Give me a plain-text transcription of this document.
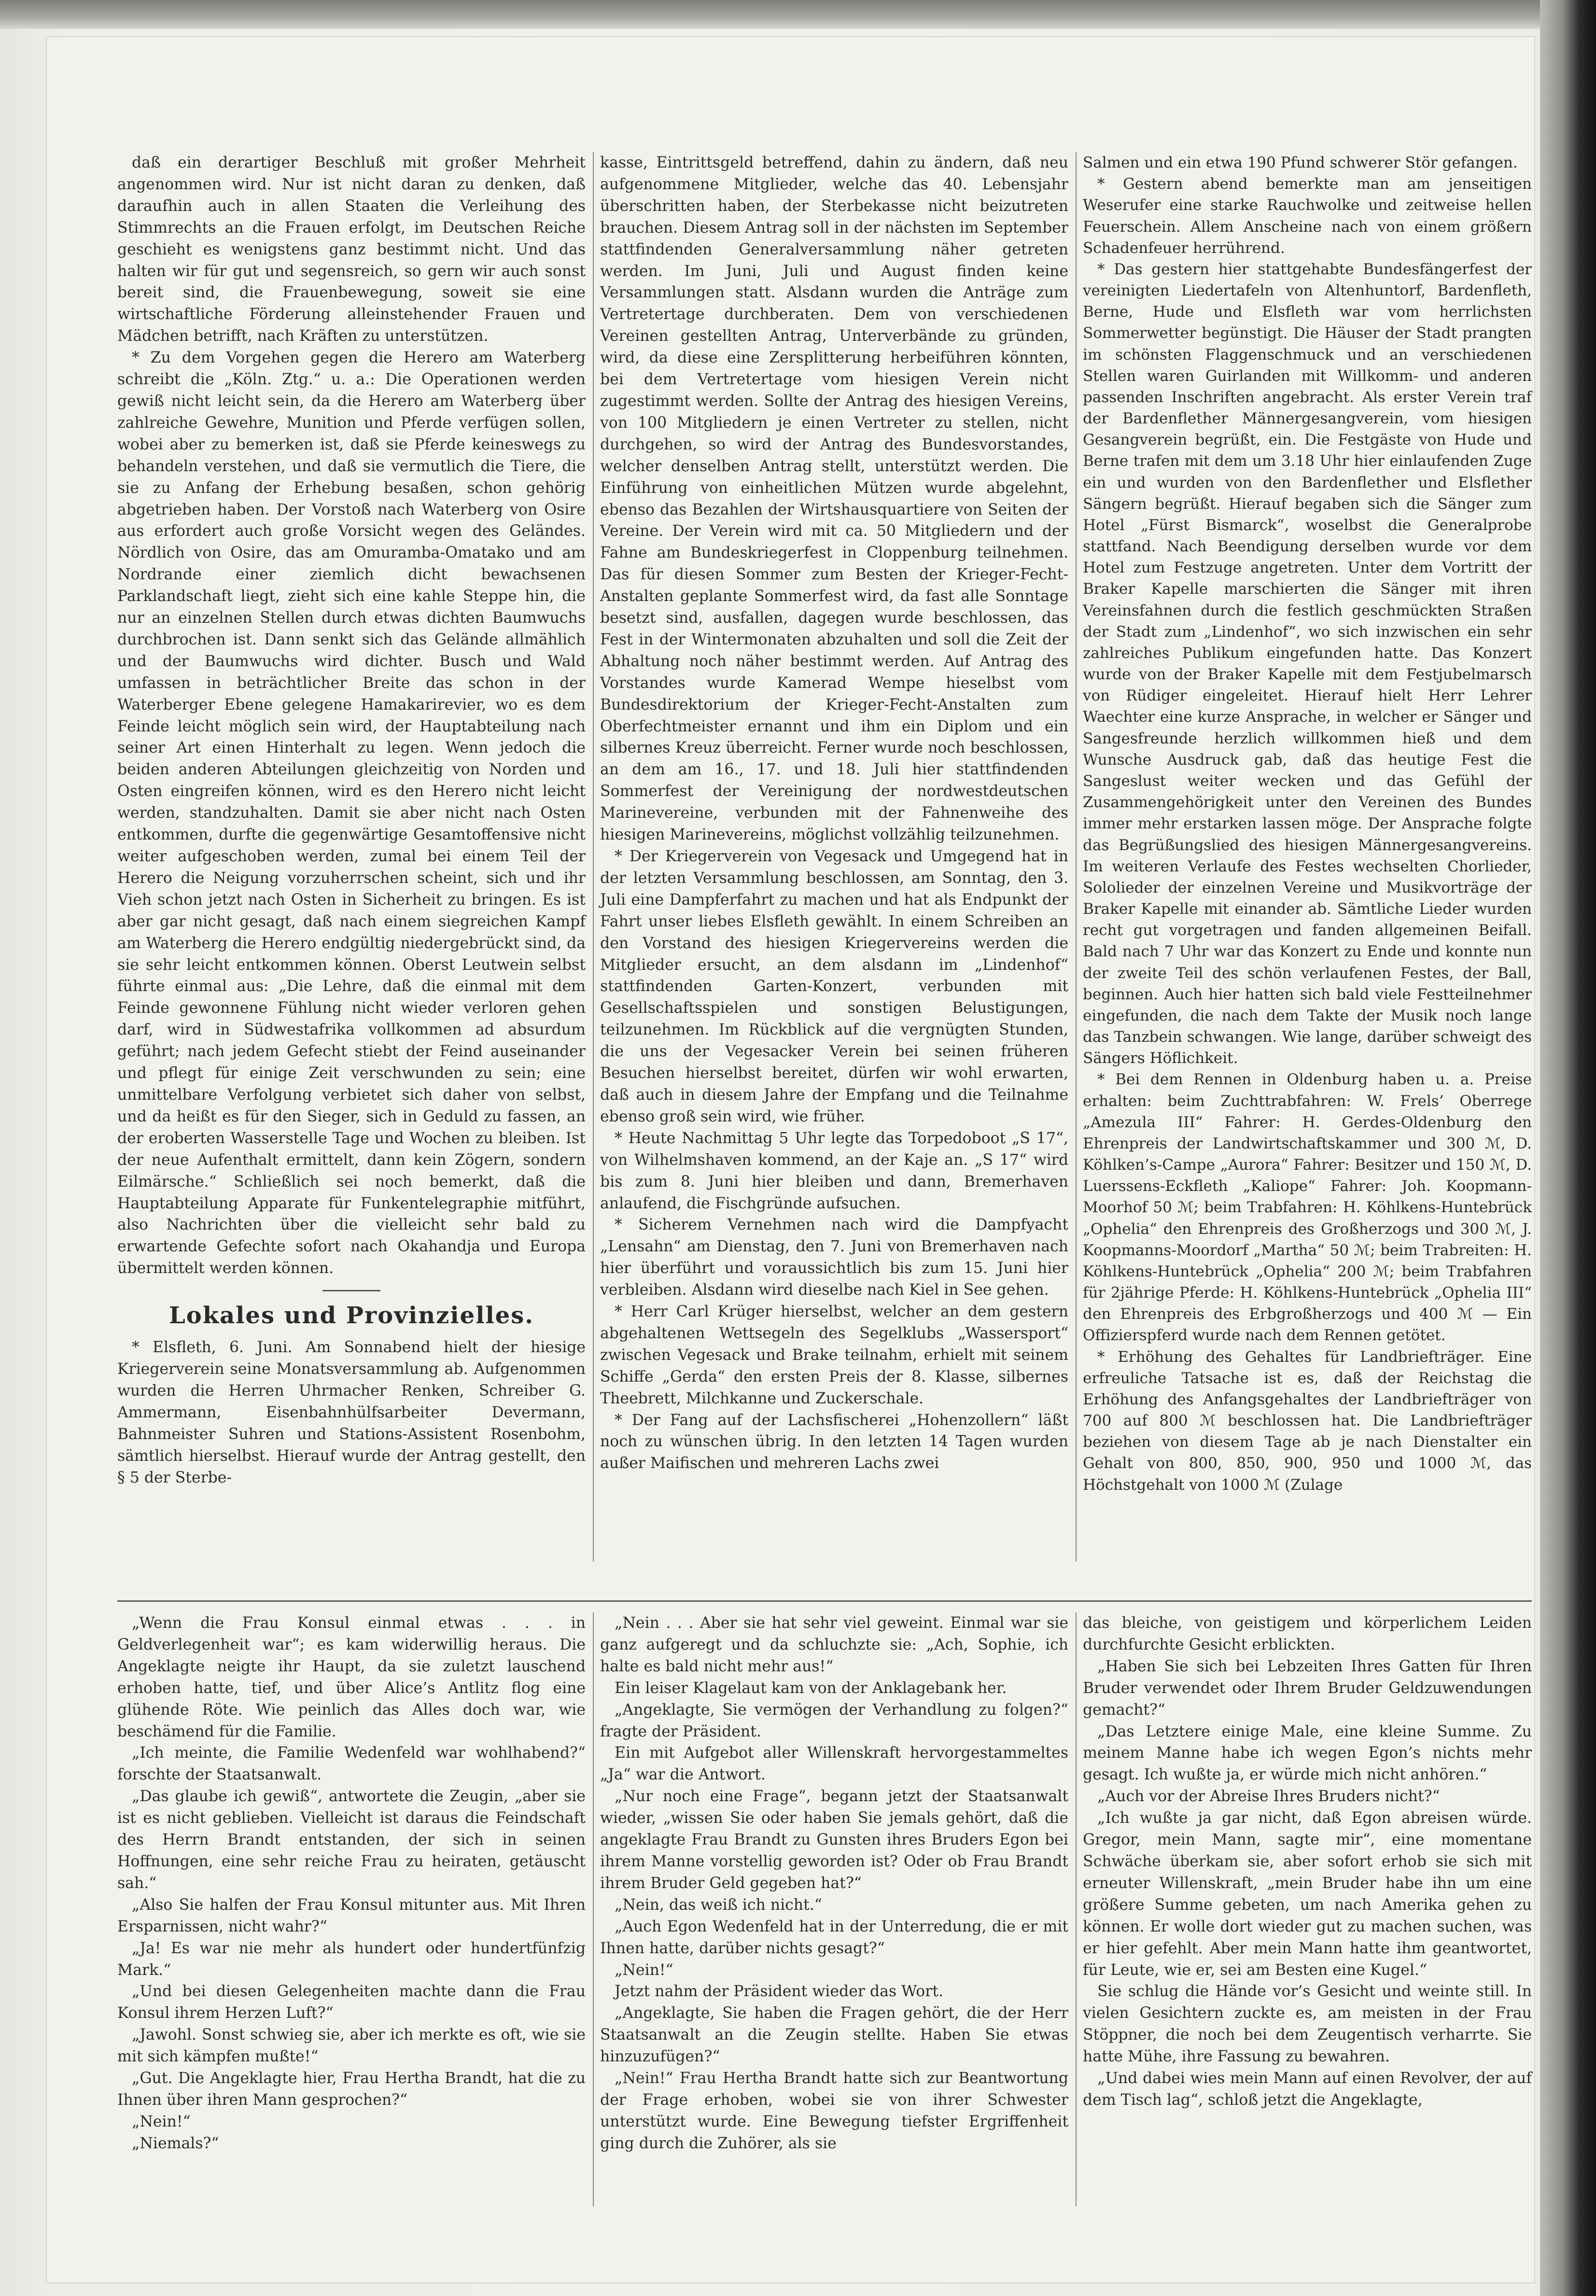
daß ein derartiger Beschluß mit großer Mehrheit angenommen wird. Nur ist nicht daran zu denken, daß daraufhin auch in allen Staaten die Verleihung des Stimmrechts an die Frauen erfolgt, im Deutschen Reiche geschieht es wenigstens ganz bestimmt nicht. Und das halten wir für gut und segensreich, so gern wir auch sonst bereit sind, die Frauenbewegung, soweit sie eine wirtschaftliche Förderung alleinstehender Frauen und Mädchen betrifft, nach Kräften zu unterstützen.

* Zu dem Vorgehen gegen die Herero am Waterberg schreibt die „Köln. Ztg.“ u. a.: Die Operationen werden gewiß nicht leicht sein, da die Herero am Waterberg über zahlreiche Gewehre, Munition und Pferde verfügen sollen, wobei aber zu bemerken ist, daß sie Pferde keineswegs zu behandeln verstehen, und daß sie vermutlich die Tiere, die sie zu Anfang der Erhebung besaßen, schon gehörig abgetrieben haben. Der Vorstoß nach Waterberg von Osire aus erfordert auch große Vorsicht wegen des Geländes. Nördlich von Osire, das am Omuramba-Omatako und am Nordrande einer ziemlich dicht bewachsenen Parklandschaft liegt, zieht sich eine kahle Steppe hin, die nur an einzelnen Stellen durch etwas dichten Baumwuchs durchbrochen ist. Dann senkt sich das Gelände allmählich und der Baumwuchs wird dichter. Busch und Wald umfassen in beträchtlicher Breite das schon in der Waterberger Ebene gelegene Hamakarirevier, wo es dem Feinde leicht möglich sein wird, der Hauptabteilung nach seiner Art einen Hinterhalt zu legen. Wenn jedoch die beiden anderen Abteilungen gleichzeitig von Norden und Osten eingreifen können, wird es den Herero nicht leicht werden, standzuhalten. Damit sie aber nicht nach Osten entkommen, durfte die gegenwärtige Gesamtoffensive nicht weiter aufgeschoben werden, zumal bei einem Teil der Herero die Neigung vorzuherrschen scheint, sich und ihr Vieh schon jetzt nach Osten in Sicherheit zu bringen. Es ist aber gar nicht gesagt, daß nach einem siegreichen Kampf am Waterberg die Herero endgültig niedergebrückt sind, da sie sehr leicht entkommen können. Oberst Leutwein selbst führte einmal aus: „Die Lehre, daß die einmal mit dem Feinde gewonnene Fühlung nicht wieder verloren gehen darf, wird in Südwestafrika vollkommen ad absurdum geführt; nach jedem Gefecht stiebt der Feind auseinander und pflegt für einige Zeit verschwunden zu sein; eine unmittelbare Verfolgung verbietet sich daher von selbst, und da heißt es für den Sieger, sich in Geduld zu fassen, an der eroberten Wasserstelle Tage und Wochen zu bleiben. Ist der neue Aufenthalt ermittelt, dann kein Zögern, sondern Eilmärsche.“ Schließlich sei noch bemerkt, daß die Hauptabteilung Apparate für Funkentelegraphie mitführt, also Nachrichten über die vielleicht sehr bald zu erwartende Gefechte sofort nach Okahandja und Europa übermittelt werden können.

Lokales und Provinzielles.

* Elsfleth, 6. Juni. Am Sonnabend hielt der hiesige Kriegerverein seine Monatsversammlung ab. Aufgenommen wurden die Herren Uhrmacher Renken, Schreiber G. Ammermann, Eisenbahnhülfsarbeiter Devermann, Bahnmeister Suhren und Stations-Assistent Rosenbohm, sämtlich hierselbst. Hierauf wurde der Antrag gestellt, den § 5 der Sterbe-

kasse, Eintrittsgeld betreffend, dahin zu ändern, daß neu aufgenommene Mitglieder, welche das 40. Lebensjahr überschritten haben, der Sterbekasse nicht beizutreten brauchen. Diesem Antrag soll in der nächsten im September stattfindenden Generalversammlung näher getreten werden. Im Juni, Juli und August finden keine Versammlungen statt. Alsdann wurden die Anträge zum Vertretertage durchberaten. Dem von verschiedenen Vereinen gestellten Antrag, Unterverbände zu gründen, wird, da diese eine Zersplitterung herbeiführen könnten, bei dem Vertretertage vom hiesigen Verein nicht zugestimmt werden. Sollte der Antrag des hiesigen Vereins, von 100 Mitgliedern je einen Vertreter zu stellen, nicht durchgehen, so wird der Antrag des Bundesvorstandes, welcher denselben Antrag stellt, unterstützt werden. Die Einführung von einheitlichen Mützen wurde abgelehnt, ebenso das Bezahlen der Wirtshausquartiere von Seiten der Vereine. Der Verein wird mit ca. 50 Mitgliedern und der Fahne am Bundeskriegerfest in Cloppenburg teilnehmen. Das für diesen Sommer zum Besten der Krieger-Fecht-Anstalten geplante Sommerfest wird, da fast alle Sonntage besetzt sind, ausfallen, dagegen wurde beschlossen, das Fest in der Wintermonaten abzuhalten und soll die Zeit der Abhaltung noch näher bestimmt werden. Auf Antrag des Vorstandes wurde Kamerad Wempe hieselbst vom Bundesdirektorium der Krieger-Fecht-Anstalten zum Oberfechtmeister ernannt und ihm ein Diplom und ein silbernes Kreuz überreicht. Ferner wurde noch beschlossen, an dem am 16., 17. und 18. Juli hier stattfindenden Sommerfest der Vereinigung der nordwestdeutschen Marinevereine, verbunden mit der Fahnenweihe des hiesigen Marinevereins, möglichst vollzählig teilzunehmen.

* Der Kriegerverein von Vegesack und Umgegend hat in der letzten Versammlung beschlossen, am Sonntag, den 3. Juli eine Dampferfahrt zu machen und hat als Endpunkt der Fahrt unser liebes Elsfleth gewählt. In einem Schreiben an den Vorstand des hiesigen Kriegervereins werden die Mitglieder ersucht, an dem alsdann im „Lindenhof“ stattfindenden Garten-Konzert, verbunden mit Gesellschaftsspielen und sonstigen Belustigungen, teilzunehmen. Im Rückblick auf die vergnügten Stunden, die uns der Vegesacker Verein bei seinen früheren Besuchen hierselbst bereitet, dürfen wir wohl erwarten, daß auch in diesem Jahre der Empfang und die Teilnahme ebenso groß sein wird, wie früher.

* Heute Nachmittag 5 Uhr legte das Torpedoboot „S 17“, von Wilhelmshaven kommend, an der Kaje an. „S 17“ wird bis zum 8. Juni hier bleiben und dann, Bremerhaven anlaufend, die Fischgründe aufsuchen.

* Sicherem Vernehmen nach wird die Dampfyacht „Lensahn“ am Dienstag, den 7. Juni von Bremerhaven nach hier überführt und voraussichtlich bis zum 15. Juni hier verbleiben. Alsdann wird dieselbe nach Kiel in See gehen.

* Herr Carl Krüger hierselbst, welcher an dem gestern abgehaltenen Wettsegeln des Segelklubs „Wassersport“ zwischen Vegesack und Brake teilnahm, erhielt mit seinem Schiffe „Gerda“ den ersten Preis der 8. Klasse, silbernes Theebrett, Milchkanne und Zuckerschale.

* Der Fang auf der Lachsfischerei „Hohenzollern“ läßt noch zu wünschen übrig. In den letzten 14 Tagen wurden außer Maifischen und mehreren Lachs zwei

Salmen und ein etwa 190 Pfund schwerer Stör gefangen.

* Gestern abend bemerkte man am jenseitigen Weserufer eine starke Rauchwolke und zeitweise hellen Feuerschein. Allem Anscheine nach von einem größern Schadenfeuer herrührend.

* Das gestern hier stattgehabte Bundesfängerfest der vereinigten Liedertafeln von Altenhuntorf, Bardenfleth, Berne, Hude und Elsfleth war vom herrlichsten Sommerwetter begünstigt. Die Häuser der Stadt prangten im schönsten Flaggenschmuck und an verschiedenen Stellen waren Guirlanden mit Willkomm- und anderen passenden Inschriften angebracht. Als erster Verein traf der Bardenflether Männergesangverein, vom hiesigen Gesangverein begrüßt, ein. Die Festgäste von Hude und Berne trafen mit dem um 3.18 Uhr hier einlaufenden Zuge ein und wurden von den Bardenflether und Elsflether Sängern begrüßt. Hierauf begaben sich die Sänger zum Hotel „Fürst Bismarck“, woselbst die Generalprobe stattfand. Nach Beendigung derselben wurde vor dem Hotel zum Festzuge angetreten. Unter dem Vortritt der Braker Kapelle marschierten die Sänger mit ihren Vereinsfahnen durch die festlich geschmückten Straßen der Stadt zum „Lindenhof“, wo sich inzwischen ein sehr zahlreiches Publikum eingefunden hatte. Das Konzert wurde von der Braker Kapelle mit dem Festjubelmarsch von Rüdiger eingeleitet. Hierauf hielt Herr Lehrer Waechter eine kurze Ansprache, in welcher er Sänger und Sangesfreunde herzlich willkommen hieß und dem Wunsche Ausdruck gab, daß das heutige Fest die Sangeslust weiter wecken und das Gefühl der Zusammengehörigkeit unter den Vereinen des Bundes immer mehr erstarken lassen möge. Der Ansprache folgte das Begrüßungslied des hiesigen Männergesangvereins. Im weiteren Verlaufe des Festes wechselten Chorlieder, Sololieder der einzelnen Vereine und Musikvorträge der Braker Kapelle mit einander ab. Sämtliche Lieder wurden recht gut vorgetragen und fanden allgemeinen Beifall. Bald nach 7 Uhr war das Konzert zu Ende und konnte nun der zweite Teil des schön verlaufenen Festes, der Ball, beginnen. Auch hier hatten sich bald viele Festteilnehmer eingefunden, die nach dem Takte der Musik noch lange das Tanzbein schwangen. Wie lange, darüber schweigt des Sängers Höflichkeit.

* Bei dem Rennen in Oldenburg haben u. a. Preise erhalten: beim Zuchttrabfahren: W. Frels’ Oberrege „Amezula III“ Fahrer: H. Gerdes-Oldenburg den Ehrenpreis der Landwirtschaftskammer und 300 ℳ, D. Köhlken’s-Campe „Aurora“ Fahrer: Besitzer und 150 ℳ, D. Luerssens-Eckfleth „Kaliope“ Fahrer: Joh. Koopmann-Moorhof 50 ℳ; beim Trabfahren: H. Köhlkens-Huntebrück „Ophelia“ den Ehrenpreis des Großherzogs und 300 ℳ, J. Koopmanns-Moordorf „Martha“ 50 ℳ; beim Trabreiten: H. Köhlkens-Huntebrück „Ophelia“ 200 ℳ; beim Trabfahren für 2jährige Pferde: H. Köhlkens-Huntebrück „Ophelia III“ den Ehrenpreis des Erbgroßherzogs und 400 ℳ — Ein Offizierspferd wurde nach dem Rennen getötet.

* Erhöhung des Gehaltes für Landbriefträger. Eine erfreuliche Tatsache ist es, daß der Reichstag die Erhöhung des Anfangsgehaltes der Landbriefträger von 700 auf 800 ℳ beschlossen hat. Die Landbriefträger beziehen von diesem Tage ab je nach Dienstalter ein Gehalt von 800, 850, 900, 950 und 1000 ℳ, das Höchstgehalt von 1000 ℳ (Zulage

„Wenn die Frau Konsul einmal etwas . . . in Geldverlegenheit war“; es kam widerwillig heraus. Die Angeklagte neigte ihr Haupt, da sie zuletzt lauschend erhoben hatte, tief, und über Alice’s Antlitz flog eine glühende Röte. Wie peinlich das Alles doch war, wie beschämend für die Familie.

„Ich meinte, die Familie Wedenfeld war wohlhabend?“ forschte der Staatsanwalt.

„Das glaube ich gewiß“, antwortete die Zeugin, „aber sie ist es nicht geblieben. Vielleicht ist daraus die Feindschaft des Herrn Brandt entstanden, der sich in seinen Hoffnungen, eine sehr reiche Frau zu heiraten, getäuscht sah.“

„Also Sie halfen der Frau Konsul mitunter aus. Mit Ihren Ersparnissen, nicht wahr?“

„Ja! Es war nie mehr als hundert oder hundertfünfzig Mark.“

„Und bei diesen Gelegenheiten machte dann die Frau Konsul ihrem Herzen Luft?“

„Jawohl. Sonst schwieg sie, aber ich merkte es oft, wie sie mit sich kämpfen mußte!“

„Gut. Die Angeklagte hier, Frau Hertha Brandt, hat die zu Ihnen über ihren Mann gesprochen?“

„Nein!“

„Niemals?“

„Nein . . . Aber sie hat sehr viel geweint. Einmal war sie ganz aufgeregt und da schluchzte sie: „Ach, Sophie, ich halte es bald nicht mehr aus!“

Ein leiser Klagelaut kam von der Anklagebank her.

„Angeklagte, Sie vermögen der Verhandlung zu folgen?“ fragte der Präsident.

Ein mit Aufgebot aller Willenskraft hervorgestammeltes „Ja“ war die Antwort.

„Nur noch eine Frage“, begann jetzt der Staatsanwalt wieder, „wissen Sie oder haben Sie jemals gehört, daß die angeklagte Frau Brandt zu Gunsten ihres Bruders Egon bei ihrem Manne vorstellig geworden ist? Oder ob Frau Brandt ihrem Bruder Geld gegeben hat?“

„Nein, das weiß ich nicht.“

„Auch Egon Wedenfeld hat in der Unterredung, die er mit Ihnen hatte, darüber nichts gesagt?“

„Nein!“

Jetzt nahm der Präsident wieder das Wort.

„Angeklagte, Sie haben die Fragen gehört, die der Herr Staatsanwalt an die Zeugin stellte. Haben Sie etwas hinzuzufügen?“

„Nein!“ Frau Hertha Brandt hatte sich zur Beantwortung der Frage erhoben, wobei sie von ihrer Schwester unterstützt wurde. Eine Bewegung tiefster Ergriffenheit ging durch die Zuhörer, als sie

das bleiche, von geistigem und körperlichem Leiden durchfurchte Gesicht erblickten.

„Haben Sie sich bei Lebzeiten Ihres Gatten für Ihren Bruder verwendet oder Ihrem Bruder Geldzuwendungen gemacht?“

„Das Letztere einige Male, eine kleine Summe. Zu meinem Manne habe ich wegen Egon’s nichts mehr gesagt. Ich wußte ja, er würde mich nicht anhören.“

„Auch vor der Abreise Ihres Bruders nicht?“

„Ich wußte ja gar nicht, daß Egon abreisen würde. Gregor, mein Mann, sagte mir“, eine momentane Schwäche überkam sie, aber sofort erhob sie sich mit erneuter Willenskraft, „mein Bruder habe ihn um eine größere Summe gebeten, um nach Amerika gehen zu können. Er wolle dort wieder gut zu machen suchen, was er hier gefehlt. Aber mein Mann hatte ihm geantwortet, für Leute, wie er, sei am Besten eine Kugel.“

Sie schlug die Hände vor’s Gesicht und weinte still. In vielen Gesichtern zuckte es, am meisten in der Frau Stöppner, die noch bei dem Zeugentisch verharrte. Sie hatte Mühe, ihre Fassung zu bewahren.

„Und dabei wies mein Mann auf einen Revolver, der auf dem Tisch lag“, schloß jetzt die Angeklagte,
